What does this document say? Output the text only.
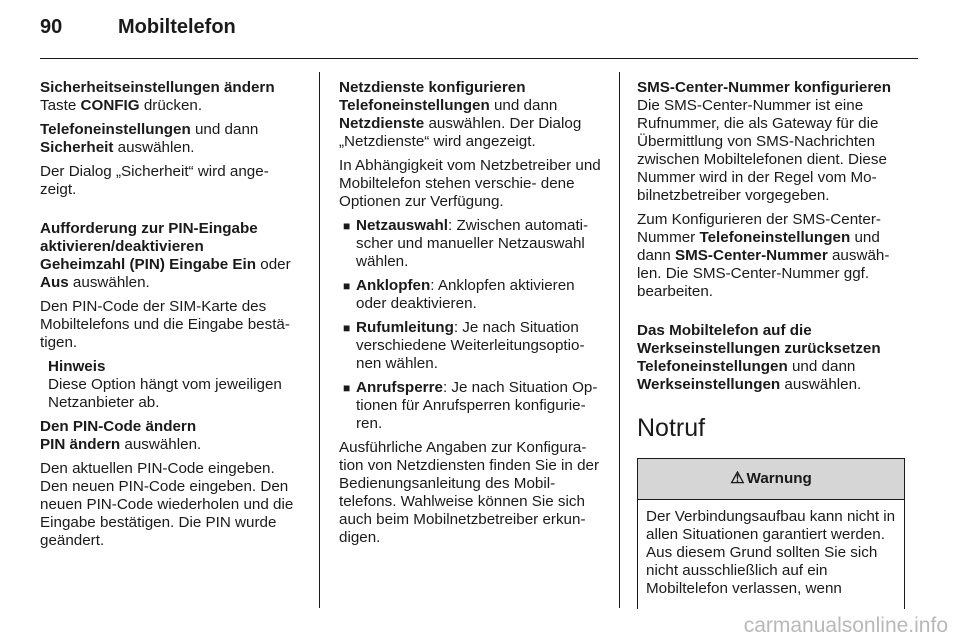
90	Mobiltelefon

Sicherheitseinstellungen ändern

Taste CONFIG drücken.

Telefoneinstellungen und dann Sicherheit auswählen.

Der Dialog „Sicherheit“ wird ange‑ zeigt.

Aufforderung zur PIN-Eingabe
aktivieren/deaktivieren

Geheimzahl (PIN) Eingabe Ein oder Aus auswählen.

Den PIN-Code der SIM-Karte des Mobiltelefons und die Eingabe bestä‑ tigen.

Hinweis
Diese Option hängt vom jeweiligen Netzanbieter ab.

Den PIN-Code ändern

PIN ändern auswählen.

Den aktuellen PIN-Code eingeben. Den neuen PIN-Code eingeben. Den neuen PIN-Code wiederholen und die Eingabe bestätigen. Die PIN wurde geändert.

Netzdienste konfigurieren

Telefoneinstellungen und dann Netzdienste auswählen. Der Dialog „Netzdienste“ wird angezeigt.

In Abhängigkeit vom Netzbetreiber und Mobiltelefon stehen verschie‑ dene Optionen zur Verfügung.

■ Netzauswahl: Zwischen automati‑ scher und manueller Netzauswahl wählen.
■ Anklopfen: Anklopfen aktivieren oder deaktivieren.
■ Rufumleitung: Je nach Situation verschiedene Weiterleitungsoptio‑ nen wählen.
■ Anrufsperre: Je nach Situation Op‑ tionen für Anrufsperren konfigurie‑ ren.

Ausführliche Angaben zur Konfigura‑ tion von Netzdiensten finden Sie in der Bedienungsanleitung des Mobil‑ telefons. Wahlweise können Sie sich auch beim Mobilnetzbetreiber erkun‑ digen.

SMS-Center-Nummer konfigurieren

Die SMS-Center-Nummer ist eine Rufnummer, die als Gateway für die Übermittlung von SMS-Nachrichten zwischen Mobiltelefonen dient. Diese Nummer wird in der Regel vom Mo‑ bilnetzbetreiber vorgegeben.

Zum Konfigurieren der SMS-Center-Nummer Telefoneinstellungen und dann SMS-Center-Nummer auswäh‑ len. Die SMS-Center-Nummer ggf. bearbeiten.

Das Mobiltelefon auf die
Werkseinstellungen zurücksetzen

Telefoneinstellungen und dann Werkseinstellungen auswählen.

Notruf
⚠ Warnung
Der Verbindungsaufbau kann nicht in allen Situationen garantiert werden. Aus diesem Grund sollten Sie sich nicht ausschließlich auf ein Mobiltelefon verlassen, wenn
carmanualsonline.info
